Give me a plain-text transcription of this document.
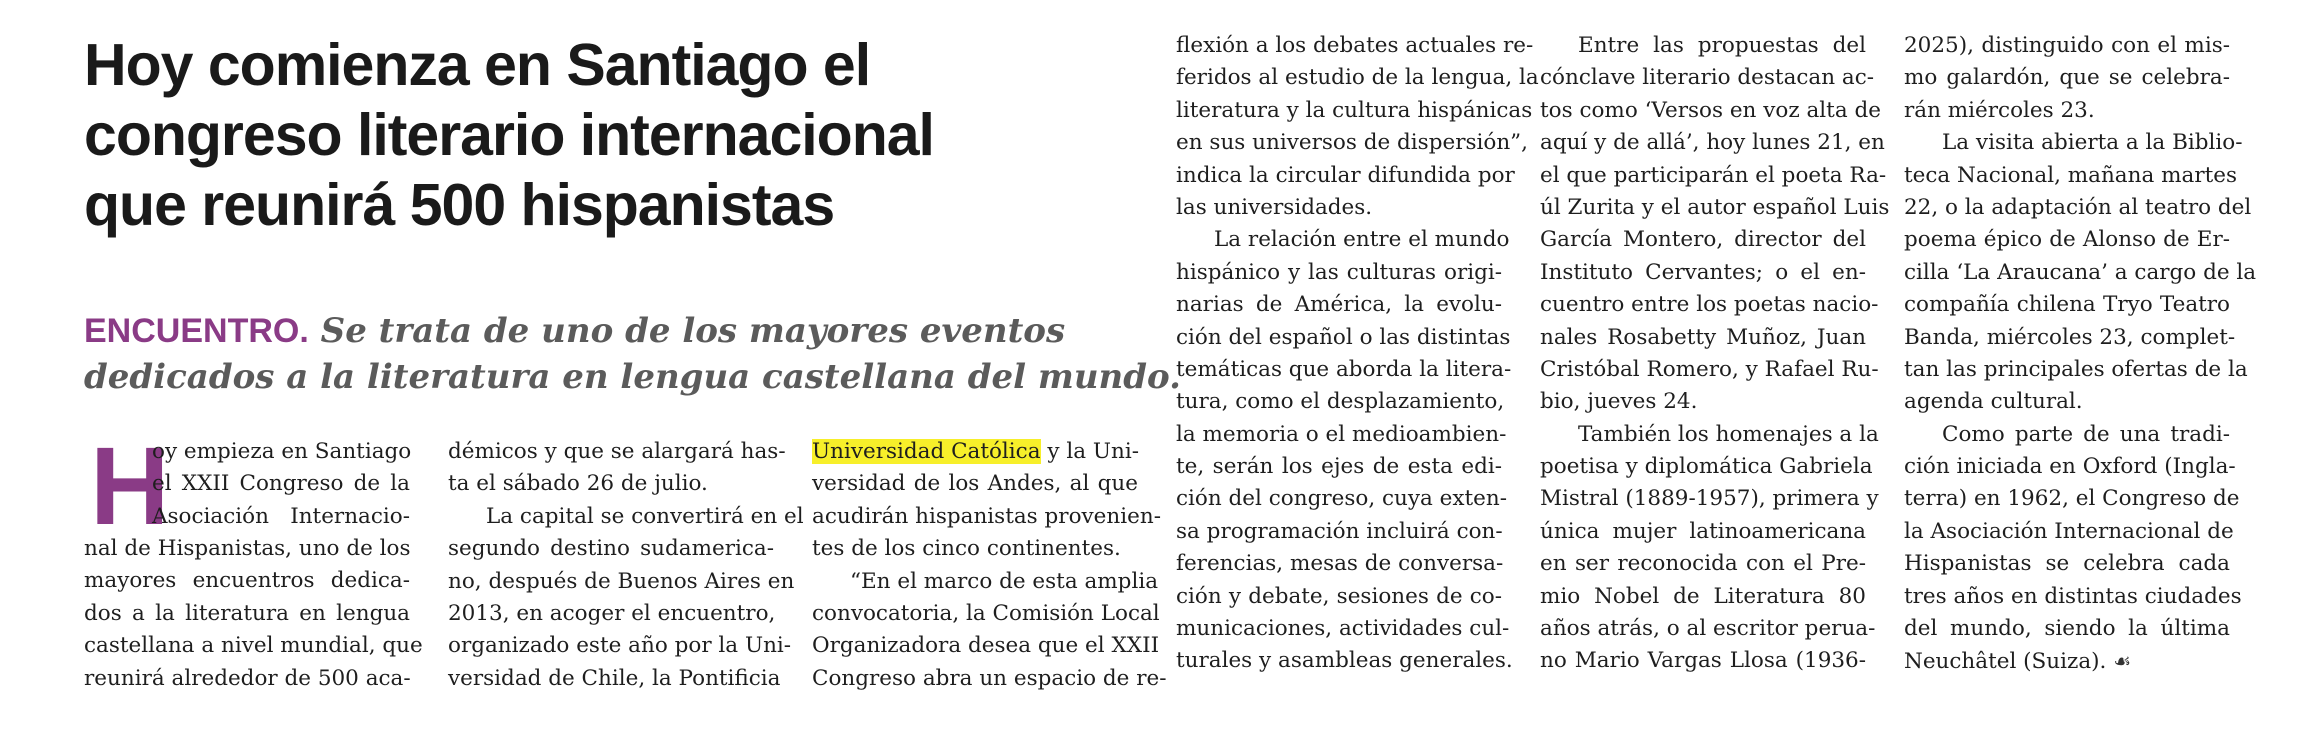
Hoy comienza en Santiago el
congreso literario internacional
que reunirá 500 hispanistas
ENCUENTRO. Se trata de uno de los mayores eventos
dedicados a la literatura en lengua castellana del mundo.
H
oy empieza en Santiago
el XXII Congreso de la
Asociación Internacio-
nal de Hispanistas, uno de los
mayores encuentros dedica-
dos a la literatura en lengua
castellana a nivel mundial, que
reunirá alrededor de 500 aca-
démicos y que se alargará has-
ta el sábado 26 de julio.
La capital se convertirá en el
segundo destino sudamerica-
no, después de Buenos Aires en
2013, en acoger el encuentro,
organizado este año por la Uni-
versidad de Chile, la Pontificia
Universidad Católica y la Uni-
versidad de los Andes, al que
acudirán hispanistas provenien-
tes de los cinco continentes.
“En el marco de esta amplia
convocatoria, la Comisión Local
Organizadora desea que el XXII
Congreso abra un espacio de re-
flexión a los debates actuales re-
feridos al estudio de la lengua, la
literatura y la cultura hispánicas
en sus universos de dispersión”,
indica la circular difundida por
las universidades.
La relación entre el mundo
hispánico y las culturas origi-
narias de América, la evolu-
ción del español o las distintas
temáticas que aborda la litera-
tura, como el desplazamiento,
la memoria o el medioambien-
te, serán los ejes de esta edi-
ción del congreso, cuya exten-
sa programación incluirá con-
ferencias, mesas de conversa-
ción y debate, sesiones de co-
municaciones, actividades cul-
turales y asambleas generales.
Entre las propuestas del
cónclave literario destacan ac-
tos como ‘Versos en voz alta de
aquí y de allá’, hoy lunes 21, en
el que participarán el poeta Ra-
úl Zurita y el autor español Luis
García Montero, director del
Instituto Cervantes; o el en-
cuentro entre los poetas nacio-
nales Rosabetty Muñoz, Juan
Cristóbal Romero, y Rafael Ru-
bio, jueves 24.
También los homenajes a la
poetisa y diplomática Gabriela
Mistral (1889-1957), primera y
única mujer latinoamericana
en ser reconocida con el Pre-
mio Nobel de Literatura 80
años atrás, o al escritor perua-
no Mario Vargas Llosa (1936-
2025), distinguido con el mis-
mo galardón, que se celebra-
rán miércoles 23.
La visita abierta a la Biblio-
teca Nacional, mañana martes
22, o la adaptación al teatro del
poema épico de Alonso de Er-
cilla ‘La Araucana’ a cargo de la
compañía chilena Tryo Teatro
Banda, miércoles 23, complet-
tan las principales ofertas de la
agenda cultural.
Como parte de una tradi-
ción iniciada en Oxford (Ingla-
terra) en 1962, el Congreso de
la Asociación Internacional de
Hispanistas se celebra cada
tres años en distintas ciudades
del mundo, siendo la última
Neuchâtel (Suiza). ☙
